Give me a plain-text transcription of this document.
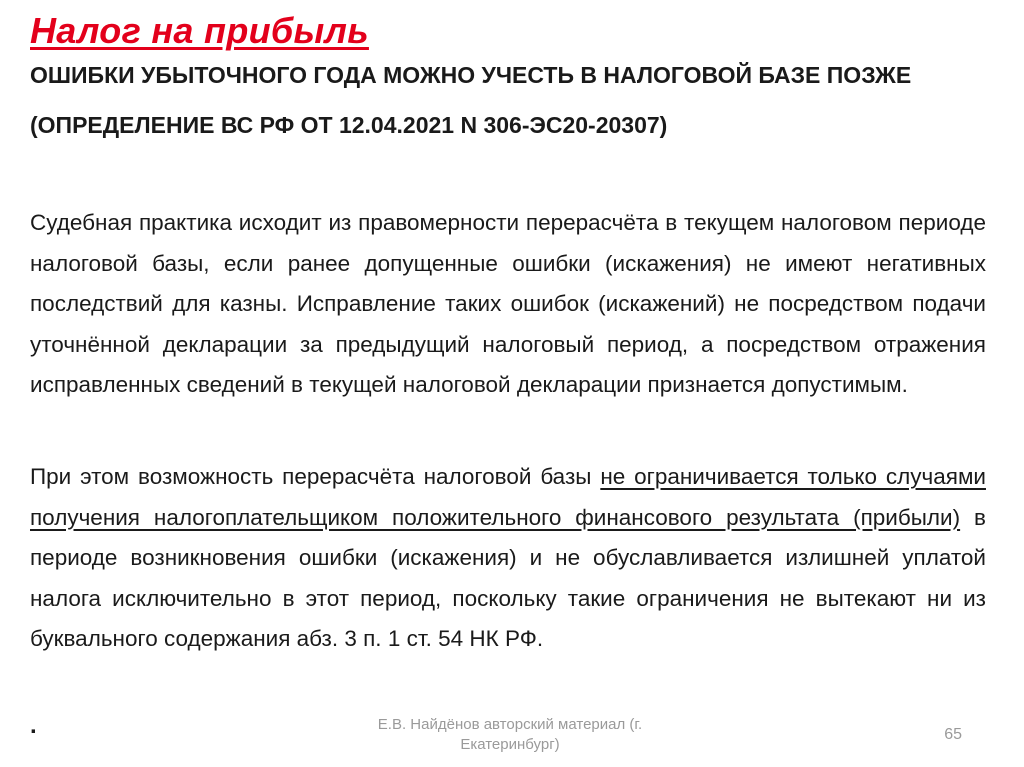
Налог на прибыль
ОШИБКИ УБЫТОЧНОГО ГОДА МОЖНО УЧЕСТЬ В НАЛОГОВОЙ БАЗЕ ПОЗЖЕ
(ОПРЕДЕЛЕНИЕ ВС РФ ОТ 12.04.2021 N 306-ЭС20-20307)
Судебная практика исходит из правомерности перерасчёта в текущем налоговом периоде налоговой базы, если ранее допущенные ошибки (искажения) не имеют негативных последствий для казны. Исправление таких ошибок (искажений) не посредством подачи уточнённой декларации за предыдущий налоговый период, а посредством отражения исправленных сведений в текущей налоговой декларации признается допустимым.
При этом возможность перерасчёта налоговой базы не ограничивается только случаями получения налогоплательщиком положительного финансового результата (прибыли) в периоде возникновения ошибки (искажения) и не обуславливается излишней уплатой налога исключительно в этот период, поскольку такие ограничения не вытекают ни из буквального содержания абз. 3 п. 1 ст. 54 НК РФ.
.	Е.В. Найдёнов авторский материал (г. Екатеринбург)
65
